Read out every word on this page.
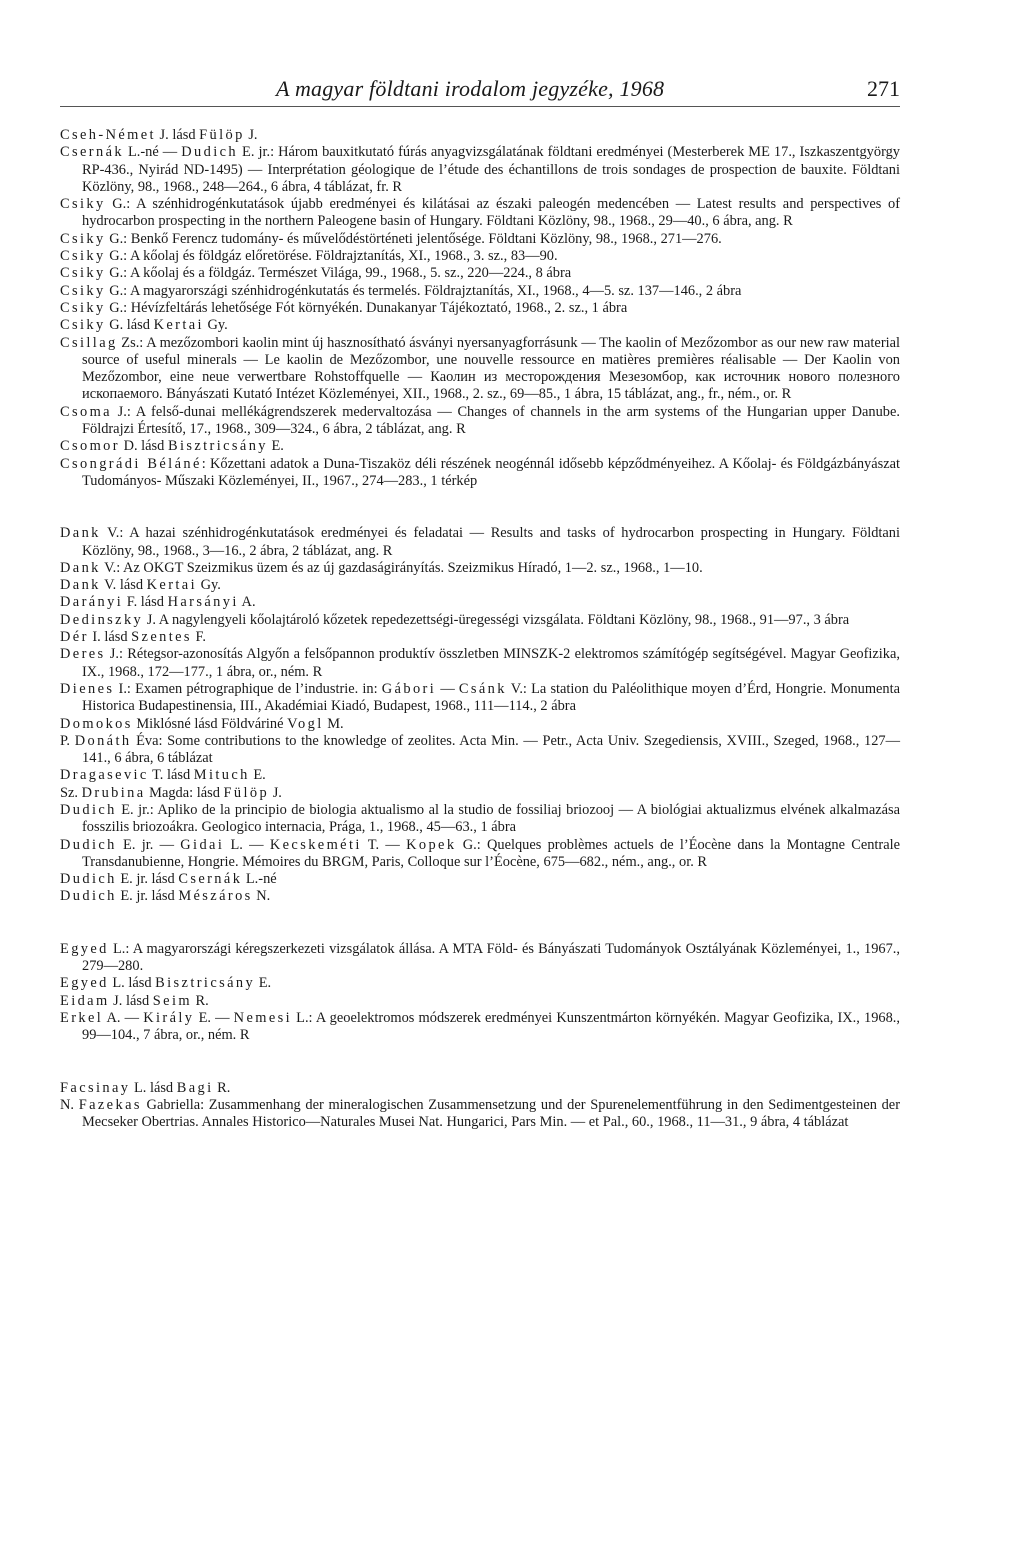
A magyar földtani irodalom jegyzéke, 1968	271
Cseh-Német J. lásd Fülöp J.
Csernák L.-né — Dudich E. jr.: Három bauxitkutató fúrás anyagvizsgálatának földtani eredményei (Mesterberek ME 17., Iszkaszentgyörgy RP-436., Nyirád ND-1495) — Interprétation géologique de l’étude des échantillons de trois sondages de prospection de bauxite. Földtani Közlöny, 98., 1968., 248—264., 6 ábra, 4 táblázat, fr. R
Csiky G.: A szénhidrogénkutatások újabb eredményei és kilátásai az északi paleogén medencében — Latest results and perspectives of hydrocarbon prospecting in the northern Paleogene basin of Hungary. Földtani Közlöny, 98., 1968., 29—40., 6 ábra, ang. R
Csiky G.: Benkő Ferencz tudomány- és művelődéstörténeti jelentősége. Földtani Közlöny, 98., 1968., 271—276.
Csiky G.: A kőolaj és földgáz előretörése. Földrajztanítás, XI., 1968., 3. sz., 83—90.
Csiky G.: A kőolaj és a földgáz. Természet Világa, 99., 1968., 5. sz., 220—224., 8 ábra
Csiky G.: A magyarországi szénhidrogénkutatás és termelés. Földrajztanítás, XI., 1968., 4—5. sz. 137—146., 2 ábra
Csiky G.: Hévízfeltárás lehetősége Fót környékén. Dunakanyar Tájékoztató, 1968., 2. sz., 1 ábra
Csiky G. lásd Kertai Gy.
Csillag Zs.: A mezőzombori kaolin mint új hasznosítható ásványi nyersanyagforrásunk — The kaolin of Mezőzombor as our new raw material source of useful minerals — Le kaolin de Mezőzombor, une nouvelle ressource en matières premières réalisable — Der Kaolin von Mezőzombor, eine neue verwertbare Rohstoffquelle — Каолин из месторождения Мезезомбор, как источник нового полезного ископаемого. Bányászati Kutató Intézet Közleményei, XII., 1968., 2. sz., 69—85., 1 ábra, 15 táblázat, ang., fr., ném., or. R
Csoma J.: A felső-dunai mellékágrendszerek medervaltozása — Changes of channels in the arm systems of the Hungarian upper Danube. Földrajzi Értesítő, 17., 1968., 309—324., 6 ábra, 2 táblázat, ang. R
Csomor D. lásd Bisztricsány E.
Csongrádi Béláné: Kőzettani adatok a Duna-Tiszaköz déli részének neogénnál idősebb képződményeihez. A Kőolaj- és Földgázbányászat Tudományos- Műszaki Közleményei, II., 1967., 274—283., 1 térkép
Dank V.: A hazai szénhidrogénkutatások eredményei és feladatai — Results and tasks of hydrocarbon prospecting in Hungary. Földtani Közlöny, 98., 1968., 3—16., 2 ábra, 2 táblázat, ang. R
Dank V.: Az OKGT Szeizmikus üzem és az új gazdaságirányítás. Szeizmikus Híradó, 1—2. sz., 1968., 1—10.
Dank V. lásd Kertai Gy.
Darányi F. lásd Harsányi A.
Dedinszky J. A nagylengyeli kőolajtároló kőzetek repedezettségi-üregességi vizsgálata. Földtani Közlöny, 98., 1968., 91—97., 3 ábra
Dér I. lásd Szentes F.
Deres J.: Rétegsor-azonosítás Algyőn a felsőpannon produktív összletben MINSZK-2 elektromos számítógép segítségével. Magyar Geofizika, IX., 1968., 172—177., 1 ábra, or., ném. R
Dienes I.: Examen pétrographique de l’industrie. in: Gábori — Csánk V.: La station du Paléolithique moyen d’Érd, Hongrie. Monumenta Historica Budapestinensia, III., Akadémiai Kiadó, Budapest, 1968., 111—114., 2 ábra
Domokos Miklósné lásd Földváriné Vogl M.
P. Donáth Éva: Some contributions to the knowledge of zeolites. Acta Min. — Petr., Acta Univ. Szegediensis, XVIII., Szeged, 1968., 127—141., 6 ábra, 6 táblázat
Dragasevic T. lásd Mituch E.
Sz. Drubina Magda: lásd Fülöp J.
Dudich E. jr.: Apliko de la principio de biologia aktualismo al la studio de fossiliaj briozooj — A biológiai aktualizmus elvének alkalmazása fosszilis briozoákra. Geologico internacia, Prága, 1., 1968., 45—63., 1 ábra
Dudich E. jr. — Gidai L. — Kecskeméti T. — Kopek G.: Quelques problèmes actuels de l’Éocène dans la Montagne Centrale Transdanubienne, Hongrie. Mémoires du BRGM, Paris, Colloque sur l’Éocène, 675—682., ném., ang., or. R
Dudich E. jr. lásd Csernák L.-né
Dudich E. jr. lásd Mészáros N.
Egyed L.: A magyarországi kéregszerkezeti vizsgálatok állása. A MTA Föld- és Bányászati Tudományok Osztályának Közleményei, 1., 1967., 279—280.
Egyed L. lásd Bisztricsány E.
Eidam J. lásd Seim R.
Erkel A. — Király E. — Nemesi L.: A geoelektromos módszerek eredményei Kunszentmárton környékén. Magyar Geofizika, IX., 1968., 99—104., 7 ábra, or., ném. R
Facsinay L. lásd Bagi R.
N. Fazekas Gabriella: Zusammenhang der mineralogischen Zusammensetzung und der Spurenelementführung in den Sedimentgesteinen der Mecseker Obertrias. Annales Historico—Naturales Musei Nat. Hungarici, Pars Min. — et Pal., 60., 1968., 11—31., 9 ábra, 4 táblázat
